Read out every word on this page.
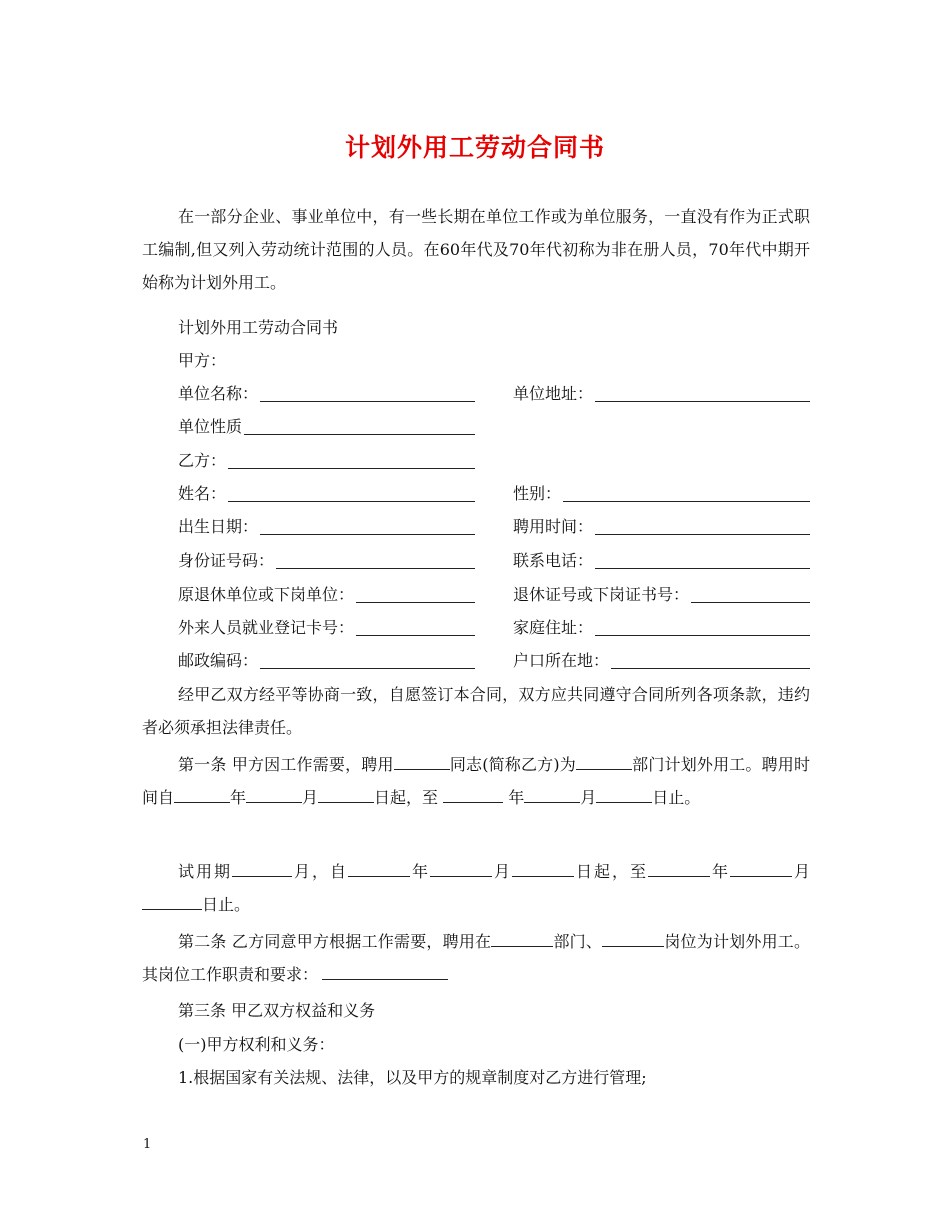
计划外用工劳动合同书

在一部分企业、事业单位中，有一些长期在单位工作或为单位服务，一直没有作为正式职工编制,但又列入劳动统计范围的人员。在60年代及70年代初称为非在册人员，70年代中期开始称为计划外用工。

计划外用工劳动合同书
甲方：
单位名称：	单位地址：
单位性质
乙方：
姓名：	性别：
出生日期：	聘用时间：
身份证号码：	联系电话：
原退休单位或下岗单位：	退休证号或下岗证书号：
外来人员就业登记卡号：	家庭住址：
邮政编码：	户口所在地：

经甲乙双方经平等协商一致，自愿签订本合同，双方应共同遵守合同所列各项条款，违约者必须承担法律责任。

第一条 甲方因工作需要，聘用	同志(简称乙方)为	部门计划外用工。聘用时间自	年	月	日起，至	年	月	日止。

试用期	月，自	年	月	日起，至	年	月日止。

第二条 乙方同意甲方根据工作需要，聘用在	部门、	岗位为计划外用工。其岗位工作职责和要求：

第三条 甲乙双方权益和义务
(一)甲方权利和义务：
1.根据国家有关法规、法律，以及甲方的规章制度对乙方进行管理;
1
